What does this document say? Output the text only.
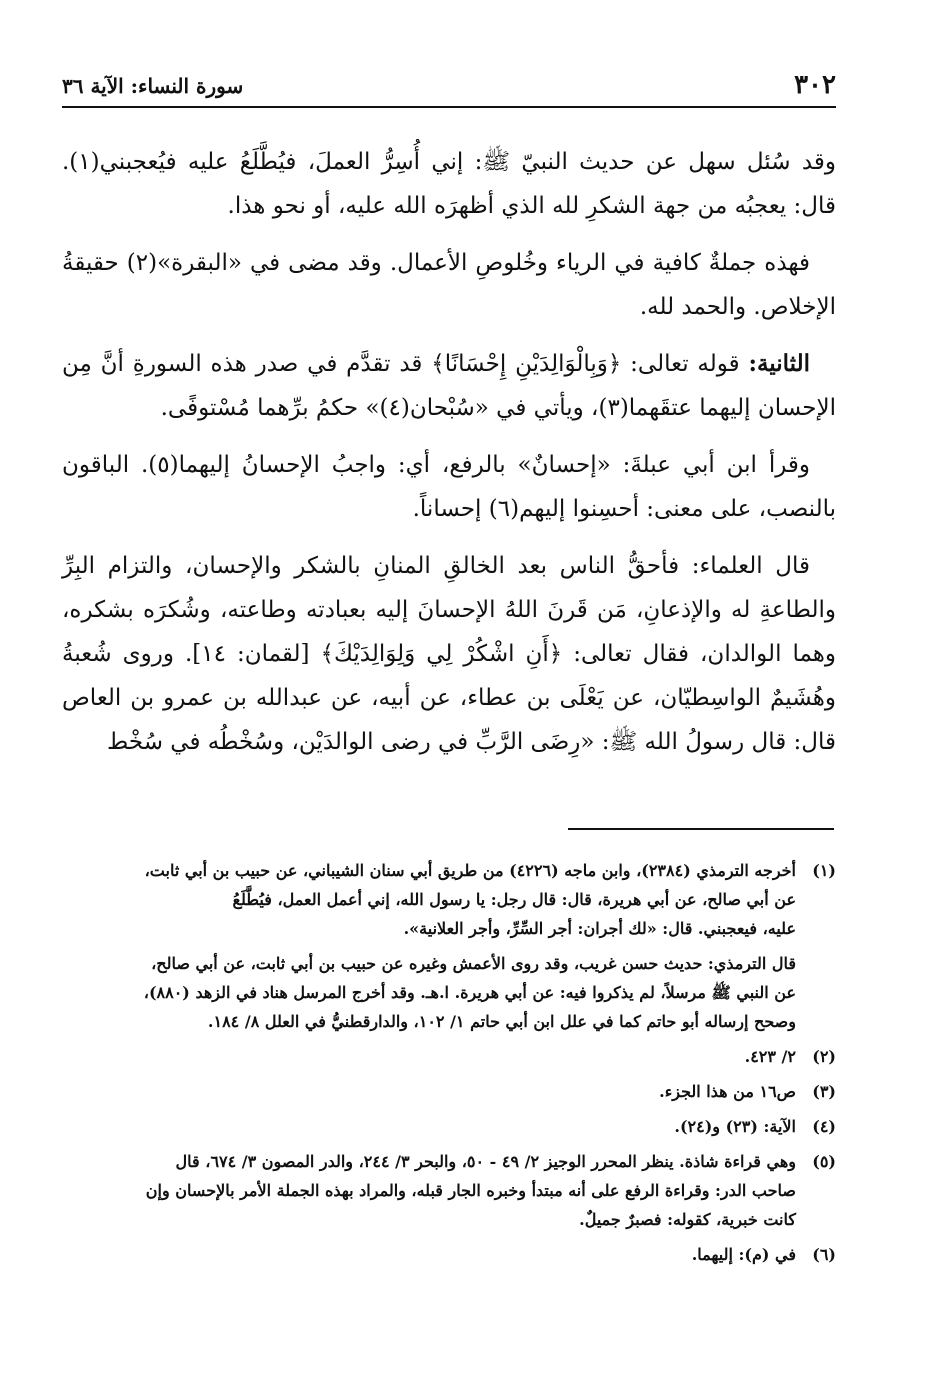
٣٠٢
سورة النساء: الآية ٣٦

وقد سُئل سهل عن حديث النبيّ ﷺ: إني أُسِرُّ العملَ، فيُطَّلَعُ عليه فيُعجبني(١). قال: يعجبُه من جهة الشكرِ لله الذي أظهرَه الله عليه، أو نحو هذا.

فهذه جملةٌ كافية في الرياء وخُلوصِ الأعمال. وقد مضى في «البقرة»(٢) حقيقةُ الإخلاص. والحمد لله.

الثانية: قوله تعالى: ﴿وَبِالْوَالِدَيْنِ إِحْسَانًا﴾ قد تقدَّم في صدر هذه السورةِ أنَّ مِن الإحسان إليهما عتقَهما(٣)، ويأتي في «سُبْحان(٤)» حكمُ برِّهما مُسْتوفًى.

وقرأ ابن أبي عبلةَ: «إحسانٌ» بالرفع، أي: واجبُ الإحسانُ إليهما(٥). الباقون بالنصب، على معنى: أحسِنوا إليهم(٦) إحساناً.

قال العلماء: فأحقُّ الناس بعد الخالقِ المنانِ بالشكر والإحسان، والتزام البِرِّ والطاعةِ له والإذعانِ، مَن قَرنَ اللهُ الإحسانَ إليه بعبادته وطاعته، وشُكرَه بشكره، وهما الوالدان، فقال تعالى: ﴿أَنِ اشْكُرْ لِي وَلِوَالِدَيْكَ﴾ [لقمان: ١٤]. وروى شُعبةُ وهُشَيمٌ الواسِطيّان، عن يَعْلَى بن عطاء، عن أبيه، عن عبدالله بن عمرو بن العاص قال: قال رسولُ الله ﷺ: «رِضَى الرَّبِّ في رضى الوالدَيْن، وسُخْطُه في سُخْط

(١)
أخرجه الترمذي (٢٣٨٤)، وابن ماجه (٤٢٢٦) من طريق أبي سنان الشيباني، عن حبيب بن أبي ثابت،
عن أبي صالح، عن أبي هريرة، قال: قال رجل: يا رسول الله، إني أعمل العمل، فيُطَّلَعُ
عليه، فيعجبني. قال: «لك أجران: أجر السِّرِّ، وأجر العلانية».
قال الترمذي: حديث حسن غريب، وقد روى الأعمش وغيره عن حبيب بن أبي ثابت، عن أبي صالح،
عن النبي ﷺ مرسلاً، لم يذكروا فيه: عن أبي هريرة. ا.هـ. وقد أخرج المرسل هناد في الزهد (٨٨٠)،
وصحح إرساله أبو حاتم كما في علل ابن أبي حاتم ١/ ١٠٢، والدارقطنيُّ في العلل ٨/ ١٨٤.
(٢)
٢/ ٤٢٣.
(٣)
ص١٦ من هذا الجزء.
(٤)
الآية: (٢٣) و(٢٤).
(٥)
وهي قراءة شاذة. ينظر المحرر الوجيز ٢/ ٤٩ - ٥٠، والبحر ٣/ ٢٤٤، والدر المصون ٣/ ٦٧٤، قال
صاحب الدر: وقراءة الرفع على أنه مبتدأ وخبره الجار قبله، والمراد بهذه الجملة الأمر بالإحسان وإن
كانت خبرية، كقوله: فصبرٌ جميلٌ.
(٦)
في (م): إليهما.
